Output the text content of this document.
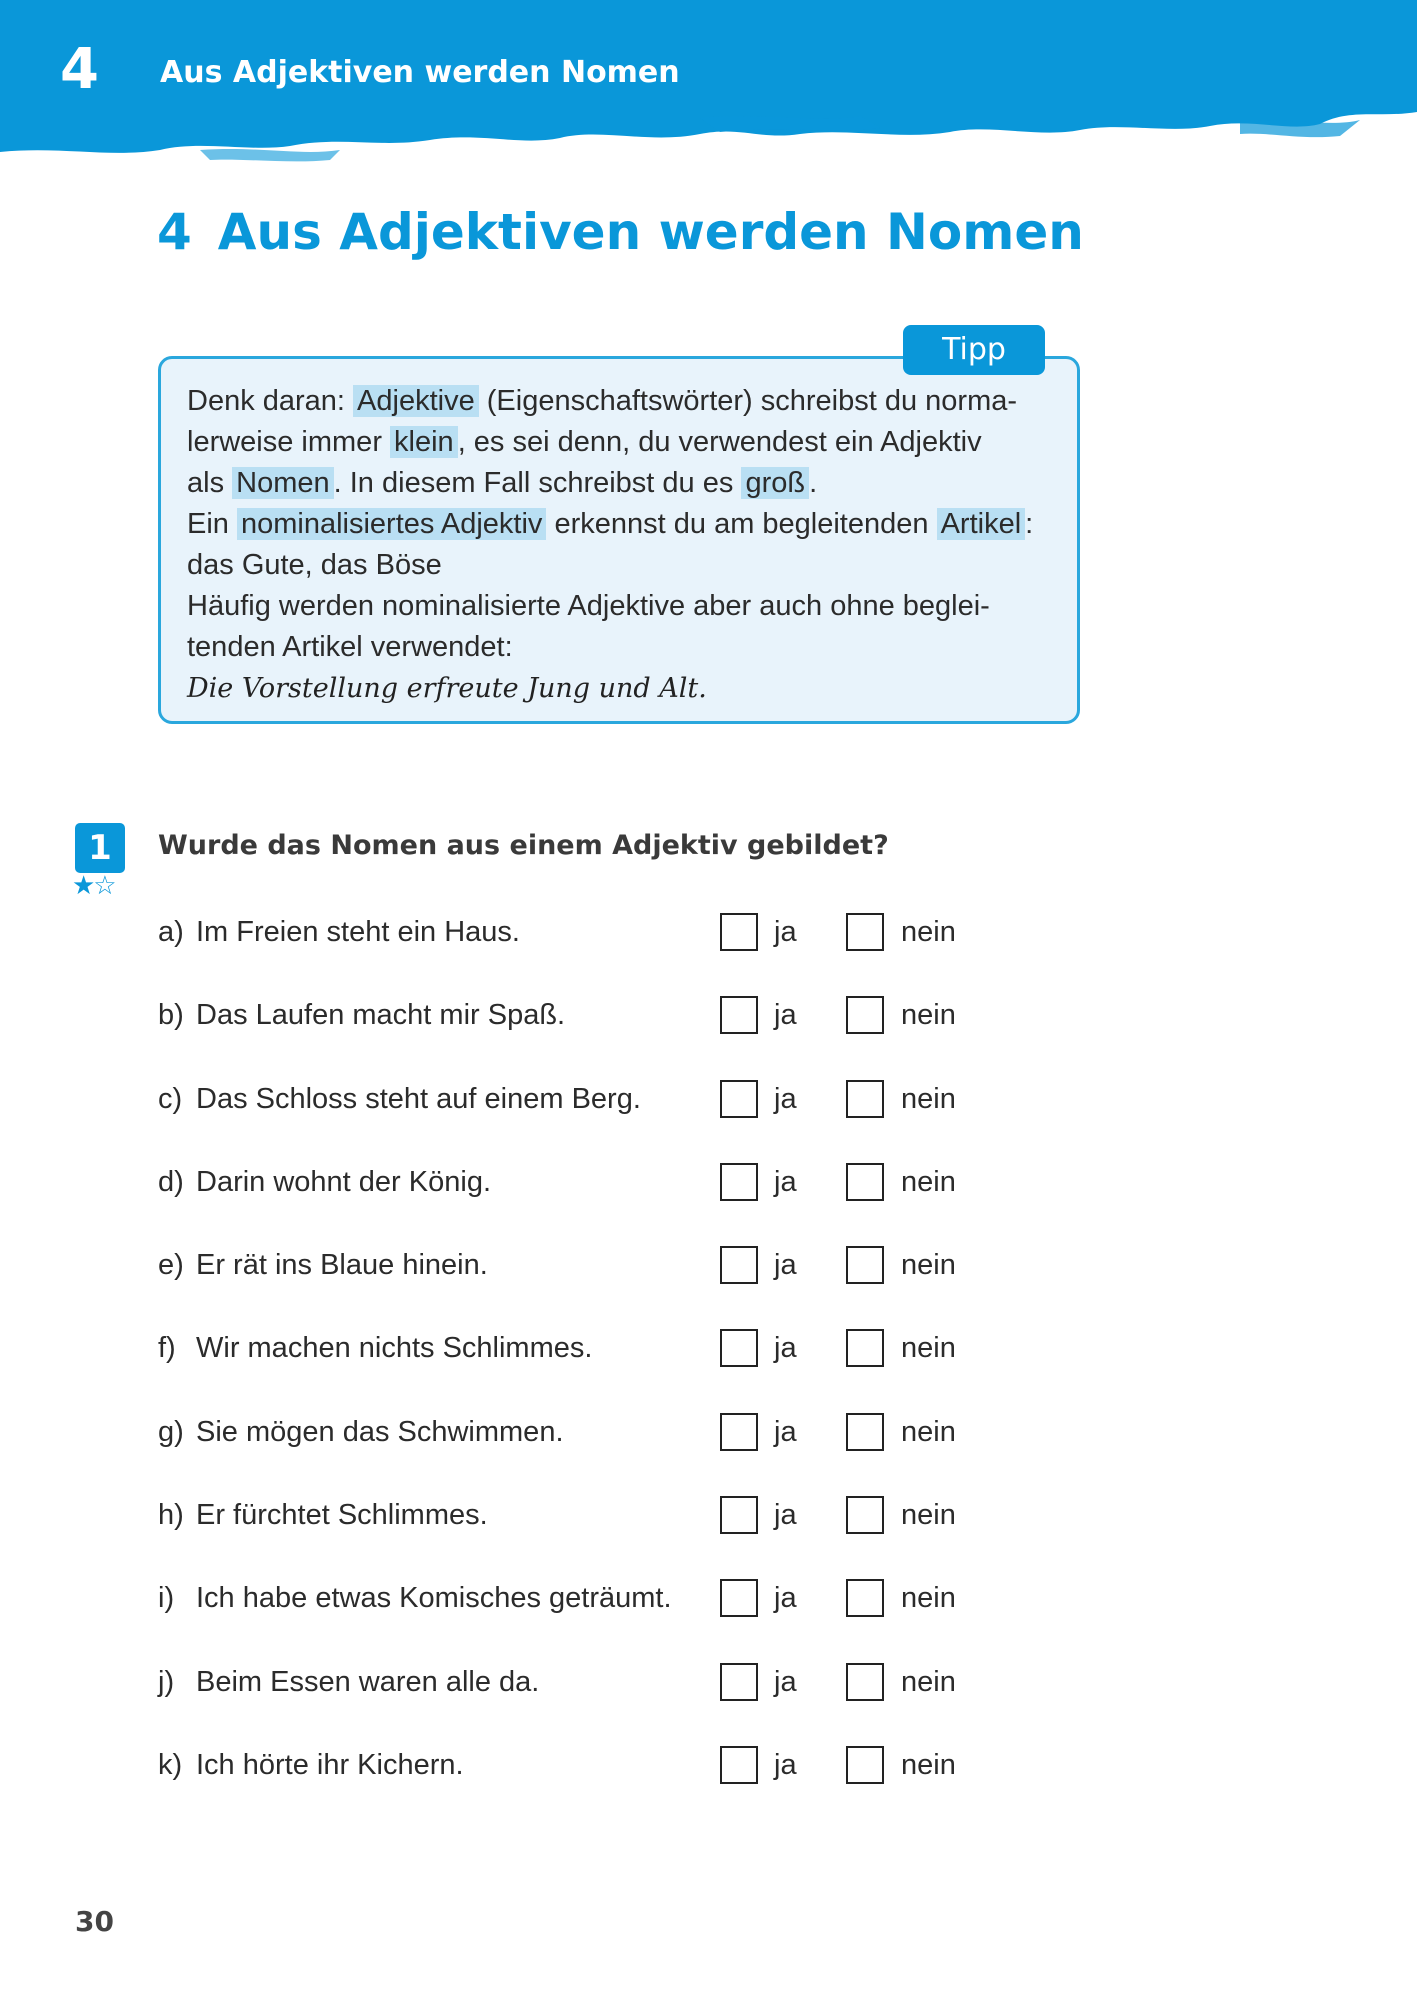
4 Aus Adjektiven werden Nomen
4 Aus Adjektiven werden Nomen

Denk daran: Adjektive (Eigenschaftswörter) schreibst du norma-
lerweise immer klein , es sei denn, du verwendest ein Adjektiv
als Nomen . In diesem Fall schreibst du es groß .
Ein nominalisiertes Adjektiv erkennst du am begleitenden Artikel :
das Gute, das Böse
Häufig werden nominalisierte Adjektive aber auch ohne beglei-
tenden Artikel verwendet:

Die Vorstellung erfreute Jung und Alt.

Tipp
1
★☆

Wurde das Nomen aus einem Adjektiv gebildet?

a) Im Freien steht ein Haus.	ja	nein
b) Das Laufen macht mir Spaß.	ja	nein
c) Das Schloss steht auf einem Berg.	ja	nein
d) Darin wohnt der König.	ja	nein
e) Er rät ins Blaue hinein.	ja	nein
f) Wir machen nichts Schlimmes.	ja	nein
g) Sie mögen das Schwimmen.	ja	nein
h) Er fürchtet Schlimmes.	ja	nein
i) Ich habe etwas Komisches geträumt.	ja	nein
j) Beim Essen waren alle da.	ja	nein
k) Ich hörte ihr Kichern.	ja	nein
30
